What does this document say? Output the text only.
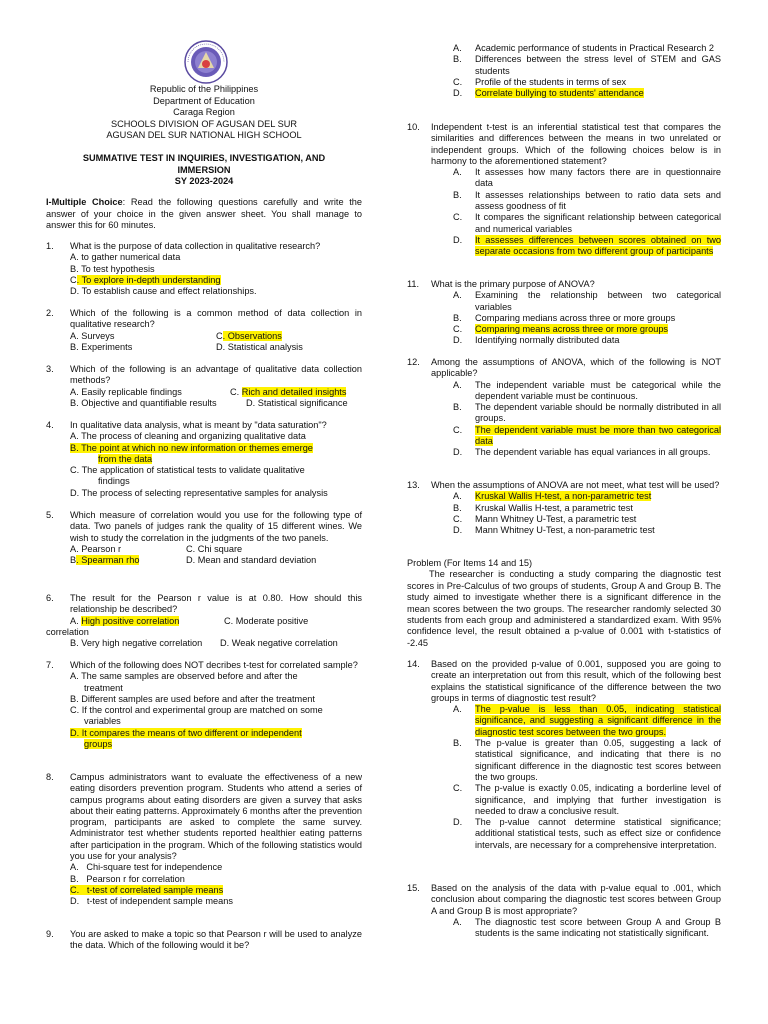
Republic of the Philippines
Department of Education
Caraga Region
SCHOOLS DIVISION OF AGUSAN DEL SUR
AGUSAN DEL SUR NATIONAL HIGH SCHOOL
SUMMATIVE TEST IN INQUIRIES, INVESTIGATION, AND
IMMERSION
SY 2023-2024
I-Multiple Choice: Read the following questions carefully and write the answer of your choice in the given answer sheet. You shall manage to answer this for 60 minutes.
1. What is the purpose of data collection in qualitative research?
A. to gather numerical data
B. To test hypothesis
C. To explore in-depth understanding
D. To establish cause and effect relationships.
2. Which of the following is a common method of data collection in qualitative research?
A. Surveys	C. Observations
B. Experiments	D. Statistical analysis
3. Which of the following is an advantage of qualitative data collection methods?
A. Easily replicable findings	C. Rich and detailed insights
B. Objective and quantifiable results	D. Statistical significance
4. In qualitative data analysis, what is meant by "data saturation"?
A. The process of cleaning and organizing qualitative data
B. The point at which no new information or themes emerge
from the data
C. The application of statistical tests to validate qualitative
findings
D. The process of selecting representative samples for analysis
5. Which measure of correlation would you use for the following type of data. Two panels of judges rank the quality of 15 different wines. We wish to study the correlation in the judgments of the two panels.
A. Pearson r	C. Chi square
B. Spearman rho	D. Mean and standard deviation
6. The result for the Pearson r value is at 0.80. How should this relationship be described?
A. High positive correlation	C. Moderate positive
correlation
B. Very high negative correlation	D. Weak negative correlation
7. Which of the following does NOT decribes t-test for correlated sample?
A. The same samples are observed before and after the
treatment
B. Different samples are used before and after the treatment
C. If the control and experimental group are matched on some
variables
D. It compares the means of two different or independent
groups
8. Campus administrators want to evaluate the effectiveness of a new eating disorders prevention program. Students who attend a series of campus programs about eating disorders are given a survey that asks about their eating patterns. Approximately 6 months after the prevention program, participants are asked to complete the same survey. Administrator test whether students reported healthier eating patterns after participation in the program. Which of the following statistics would you use for your analysis?
A.   Chi-square test for independence
B.   Pearson r for correlation
C.   t-test of correlated sample means
D.   t-test of independent sample means
9. You are asked to make a topic so that Pearson r will be used to analyze the data. Which of the following would it be?
A.	Academic performance of students in Practical Research 2
B.	Differences between the stress level of STEM and GAS students
C.	Profile of the students in terms of sex
D.	Correlate bullying to students' attendance
10. Independent t-test is an inferential statistical test that compares the similarities and differences between the means in two unrelated or independent groups. Which of the following choices below is in harmony to the aforementioned statement?
A.	It assesses how many factors there are in questionnaire data
B.	It assesses relationships between to ratio data sets and assess goodness of fit
C.	It compares the significant relationship between categorical and numerical variables
D.	It assesses differences between scores obtained on two separate occasions from two different group of participants
11. What is the primary purpose of ANOVA?
A.	Examining the relationship between two categorical variables
B.	Comparing medians across three or more groups
C.	Comparing means across three or more groups
D.	Identifying normally distributed data
12. Among the assumptions of ANOVA, which of the following is NOT applicable?
A.	The independent variable must be categorical while the dependent variable must be continuous.
B.	The dependent variable should be normally distributed in all groups.
C.	The dependent variable must be more than two categorical data
D.	The dependent variable has equal variances in all groups.
13. When the assumptions of ANOVA are not meet, what test will be used?
A.	Kruskal Wallis H-test, a non-parametric test
B.	Kruskal Wallis H-test, a parametric test
C.	Mann Whitney U-Test, a parametric test
D.	Mann Whitney U-Test, a non-parametric test
Problem (For Items 14 and 15)
The researcher is conducting a study comparing the diagnostic test scores in Pre-Calculus of two groups of students, Group A and Group B. The study aimed to investigate whether there is a significant difference in the mean scores between the two groups. The researcher randomly selected 30 students from each group and administered a standardized exam. With 95% confidence level, the result obtained a p-value of 0.001 with t-statistics of -2.45
14. Based on the provided p-value of 0.001, supposed you are going to create an interpretation out from this result, which of the following best explains the statistical significance of the difference between the two groups in terms of diagnostic test result?
A.	The p-value is less than 0.05, indicating statistical significance, and suggesting a significant difference in the diagnostic test scores between the two groups.
B.	The p-value is greater than 0.05, suggesting a lack of statistical significance, and indicating that there is no significant difference in the diagnostic test scores between the two groups.
C.	The p-value is exactly 0.05, indicating a borderline level of significance, and implying that further investigation is needed to draw a conclusive result.
D.	The p-value cannot determine statistical significance; additional statistical tests, such as effect size or confidence intervals, are necessary for a comprehensive interpretation.
15. Based on the analysis of the data with p-value equal to .001, which conclusion about comparing the diagnostic test scores between Group A and Group B is most appropriate?
A.	The diagnostic test score between Group A and Group B students is the same indicating not statistically significant.
